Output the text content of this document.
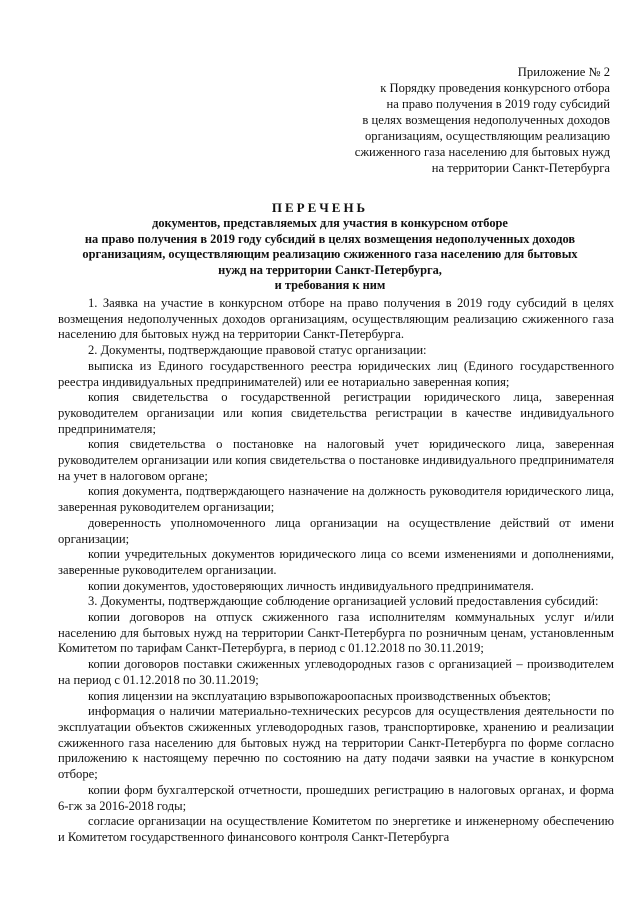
Приложение № 2
к Порядку проведения конкурсного отбора
на право получения в 2019 году субсидий
в целях возмещения недополученных доходов
организациям, осуществляющим реализацию
сжиженного газа населению для бытовых нужд
на территории Санкт-Петербурга
ПЕРЕЧЕНЬ
документов, представляемых для участия в конкурсном отборе
на право получения в 2019 году субсидий в целях возмещения недополученных доходов
организациям, осуществляющим реализацию сжиженного газа населению для бытовых
нужд на территории Санкт-Петербурга,
и требования к ним
1. Заявка на участие в конкурсном отборе на право получения в 2019 году субсидий в целях возмещения недополученных доходов организациям, осуществляющим реализацию сжиженного газа населению для бытовых нужд на территории Санкт-Петербурга.
2. Документы, подтверждающие правовой статус организации:
выписка из Единого государственного реестра юридических лиц (Единого государственного реестра индивидуальных предпринимателей) или ее нотариально заверенная копия;
копия свидетельства о государственной регистрации юридического лица, заверенная руководителем организации или копия свидетельства регистрации в качестве индивидуального предпринимателя;
копия свидетельства о постановке на налоговый учет юридического лица, заверенная руководителем организации или копия свидетельства о постановке индивидуального предпринимателя на учет в налоговом органе;
копия документа, подтверждающего назначение на должность руководителя юридического лица, заверенная руководителем организации;
доверенность уполномоченного лица организации на осуществление действий от имени организации;
копии учредительных документов юридического лица со всеми изменениями и дополнениями, заверенные руководителем организации.
копии документов, удостоверяющих личность индивидуального предпринимателя.
3. Документы, подтверждающие соблюдение организацией условий предоставления субсидий:
копии договоров на отпуск сжиженного газа исполнителям коммунальных услуг и/или населению для бытовых нужд на территории Санкт-Петербурга по розничным ценам, установленным Комитетом по тарифам Санкт-Петербурга, в период с 01.12.2018 по 30.11.2019;
копии договоров поставки сжиженных углеводородных газов с организацией – производителем на период с 01.12.2018 по 30.11.2019;
копия лицензии на эксплуатацию взрывопожароопасных производственных объектов;
информация о наличии материально-технических ресурсов для осуществления деятельности по эксплуатации объектов сжиженных углеводородных газов, транспортировке, хранению и реализации сжиженного газа населению для бытовых нужд на территории Санкт-Петербурга по форме согласно приложению к настоящему перечню по состоянию на дату подачи заявки на участие в конкурсном отборе;
копии форм бухгалтерской отчетности, прошедших регистрацию в налоговых органах, и форма 6-гж за 2016-2018 годы;
согласие организации на осуществление Комитетом по энергетике и инженерному обеспечению и Комитетом государственного финансового контроля Санкт-Петербурга
